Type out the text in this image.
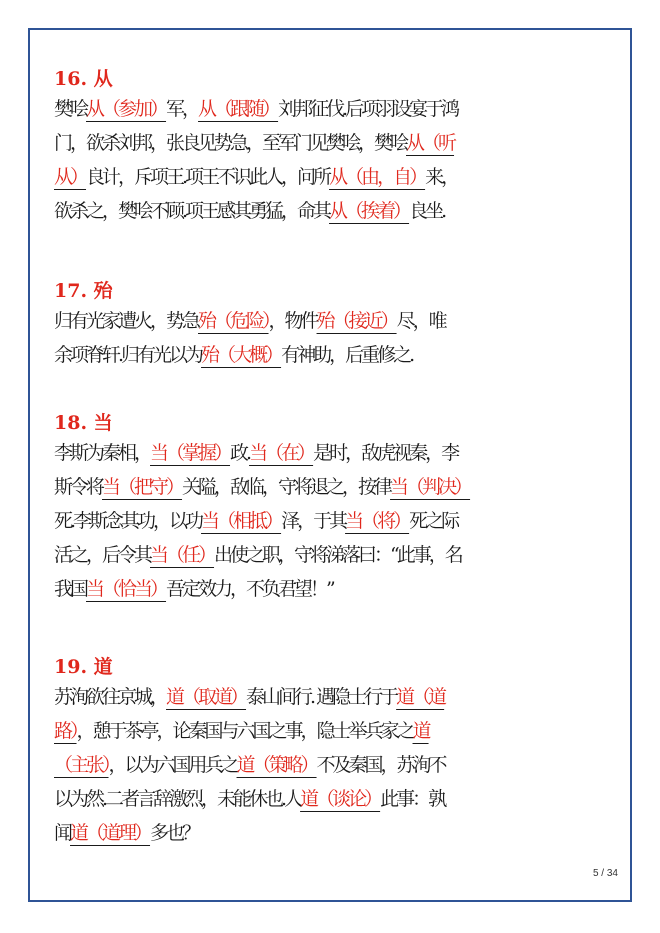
16. 从
樊哙从（参加）军，从（跟随）刘邦征伐.后项羽设宴于鸿
门，欲杀刘邦，张良见势急，至军门见樊哙，樊哙从（听
从）良计，斥项王.项王不识此人，问所从（由，自）来，
欲杀之，樊哙不顾.项王感其勇猛，命其从（挨着）良坐.
17. 殆
归有光家遭火，势急殆（危险），物件殆（接近）尽，唯
余项脊轩.归有光以为殆（大概）有神助，后重修之.
18. 当
李斯为秦相，当（掌握）政.当（在）是时，敌虎视秦，李
斯令将当（把守）关隘，敌临，守将退之，按律当（判决）
死.李斯念其功，以功当（相抵）泽，于其当（将）死之际
活之，后令其当（任）出使之职，守将涕落曰：“此事，名
我国当（恰当）吾定效力，不负君望！”
19. 道
苏洵欲往京城，道（取道）泰山间行. 遇隐士行于道（道
路），憩于茶亭，论秦国与六国之事，隐士举兵家之道
（主张），以为六国用兵之道（策略）不及秦国，苏洵不
以为然.二者言辞激烈，未能休也.人道（谈论）此事：孰
闻道（道理）多也？
5 / 34
